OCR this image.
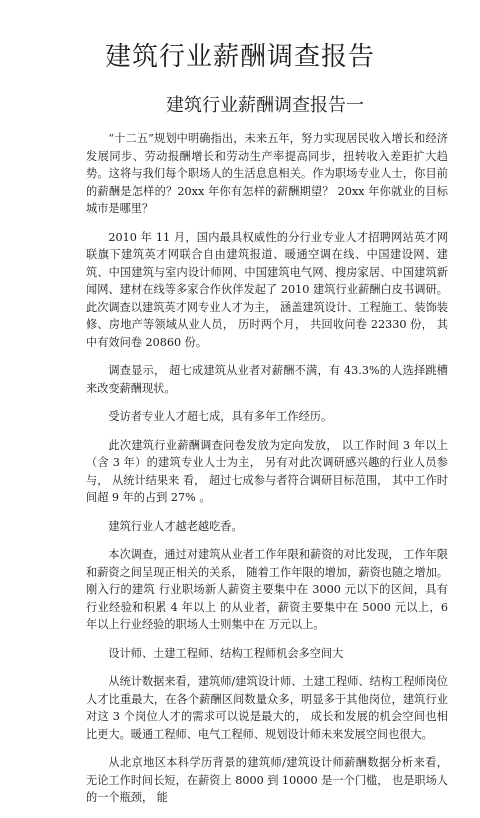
建筑行业薪酬调查报告
建筑行业薪酬调查报告一

“十二五”规划中明确指出，未来五年，努力实现居民收入增长和经济发展同步、劳动报酬增长和劳动生产率提高同步，扭转收入差距扩大趋势。这将与我们每个职场人的生活息息相关。作为职场专业人士，你目前的薪酬是怎样的？20xx 年你有怎样的薪酬期望？ 20xx 年你就业的目标城市是哪里？

2010 年 11 月，国内最具权威性的分行业专业人才招聘网站英才网联旗下建筑英才网联合自由建筑报道、暖通空调在线、中国建设网、建筑、中国建筑与室内设计师网、中国建筑电气网、搜房家居、中国建筑新闻网、建材在线等多家合作伙伴发起了 2010 建筑行业薪酬白皮书调研。 此次调查以建筑英才网专业人才为主， 涵盖建筑设计、工程施工、装饰装修、房地产等领域从业人员， 历时两个月， 共回收问卷 22330 份， 其中有效问卷 20860 份。

调查显示， 超七成建筑从业者对薪酬不满，有 43.3%的人选择跳槽来改变薪酬现状。

受访者专业人才超七成，具有多年工作经历。

此次建筑行业薪酬调查问卷发放为定向发放， 以工作时间 3 年以上（含 3 年）的建筑专业人士为主， 另有对此次调研感兴趣的行业人员参与， 从统计结果来 看， 超过七成参与者符合调研目标范围， 其中工作时间超 9 年的占到 27% 。

建筑行业人才越老越吃香。

本次调查，通过对建筑从业者工作年限和薪资的对比发现， 工作年限和薪资之间呈现正相关的关系， 随着工作年限的增加，薪资也随之增加。 刚入行的建筑 行业职场新人薪资主要集中在 3000 元以下的区间，具有行业经验和积累 4 年以上 的从业者，薪资主要集中在 5000 元以上，6 年以上行业经验的职场人士则集中在 万元以上。

设计师、土建工程师、结构工程师机会多空间大

从统计数据来看，建筑师/建筑设计师、土建工程师、结构工程师岗位人才比重最大，在各个薪酬区间数量众多，明显多于其他岗位，建筑行业对这 3 个岗位人才的需求可以说是最大的， 成长和发展的机会空间也相比更大。暖通工程师、电气工程师、规划设计师未来发展空间也很大。

从北京地区本科学历背景的建筑师/建筑设计师薪酬数据分析来看， 无论工作时间长短，在薪资上 8000 到 10000 是一个门槛， 也是职场人的一个瓶颈， 能
